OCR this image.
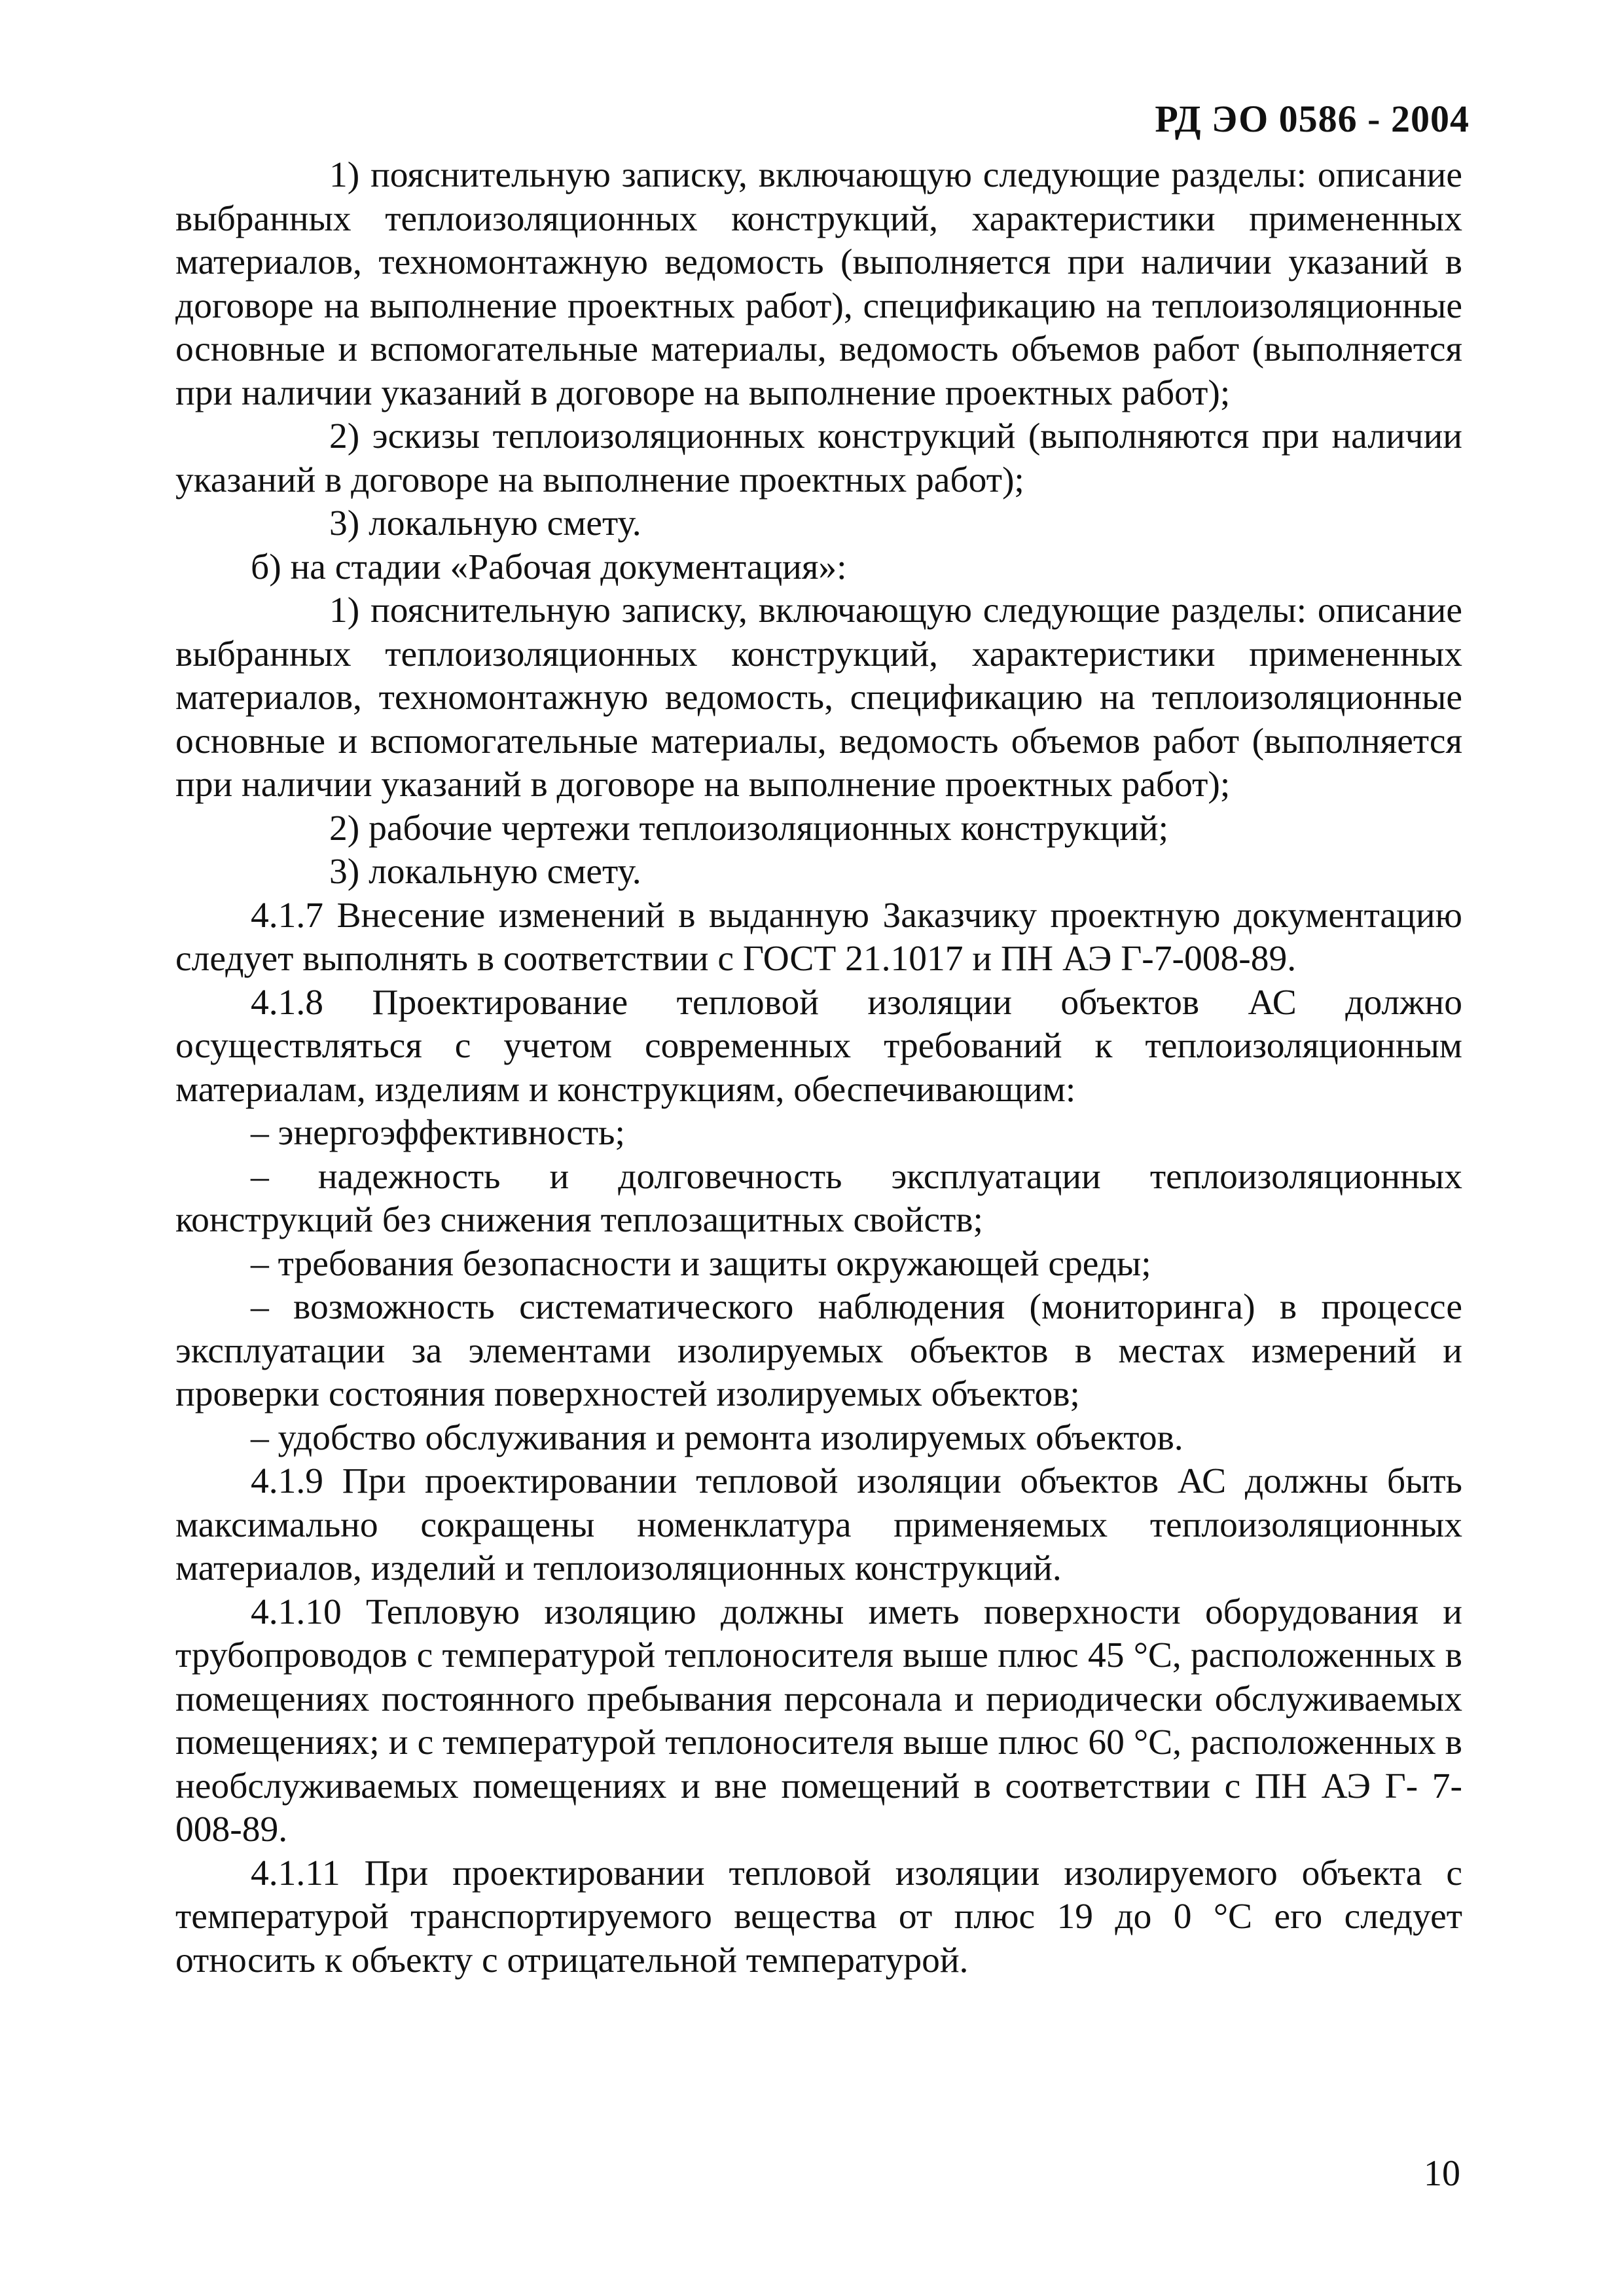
РД ЭО 0586 - 2004

1) пояснительную записку, включающую следующие разделы: описание выбранных теплоизоляционных конструкций, характеристики примененных материалов, техномонтажную ведомость (выполняется при наличии указаний в договоре на выполнение проектных работ), спецификацию на теплоизоляционные основные и вспомогательные материалы, ведомость объемов работ (выполняется при наличии указаний в договоре на выполнение проектных работ);

2) эскизы теплоизоляционных конструкций (выполняются при наличии указаний в договоре на выполнение проектных работ);

3) локальную смету.

б) на стадии «Рабочая документация»:

1) пояснительную записку, включающую следующие разделы: описание выбранных теплоизоляционных конструкций, характеристики примененных материалов, техномонтажную ведомость, спецификацию на теплоизоляционные основные и вспомогательные материалы, ведомость объемов работ (выполняется при наличии указаний в договоре на выполнение проектных работ);

2) рабочие чертежи теплоизоляционных конструкций;

3) локальную смету.

4.1.7 Внесение изменений в выданную Заказчику проектную документацию следует выполнять в соответствии с ГОСТ 21.1017 и ПН АЭ Г-7-008-89.

4.1.8 Проектирование тепловой изоляции объектов АС должно осуществляться с учетом современных требований к теплоизоляционным материалам, изделиям и конструкциям, обеспечивающим:

– энергоэффективность;

– надежность и долговечность эксплуатации теплоизоляционных конструкций без снижения теплозащитных свойств;

– требования безопасности и защиты окружающей среды;

– возможность систематического наблюдения (мониторинга) в процессе эксплуатации за элементами изолируемых объектов в местах измерений и проверки состояния поверхностей изолируемых объектов;

– удобство обслуживания и ремонта изолируемых объектов.

4.1.9 При проектировании тепловой изоляции объектов АС должны быть максимально сокращены номенклатура применяемых теплоизоляционных материалов, изделий и теплоизоляционных конструкций.

4.1.10 Тепловую изоляцию должны иметь поверхности оборудования и трубопроводов с температурой теплоносителя выше плюс 45 °С, расположенных в помещениях постоянного пребывания персонала и периодически обслуживаемых помещениях; и с температурой теплоносителя выше плюс 60 °С, расположенных в необслуживаемых помещениях и вне помещений в соответствии с ПН АЭ Г- 7-008-89.

4.1.11 При проектировании тепловой изоляции изолируемого объекта с температурой транспортируемого вещества от плюс 19 до 0 °С его следует относить к объекту с отрицательной температурой.

10
